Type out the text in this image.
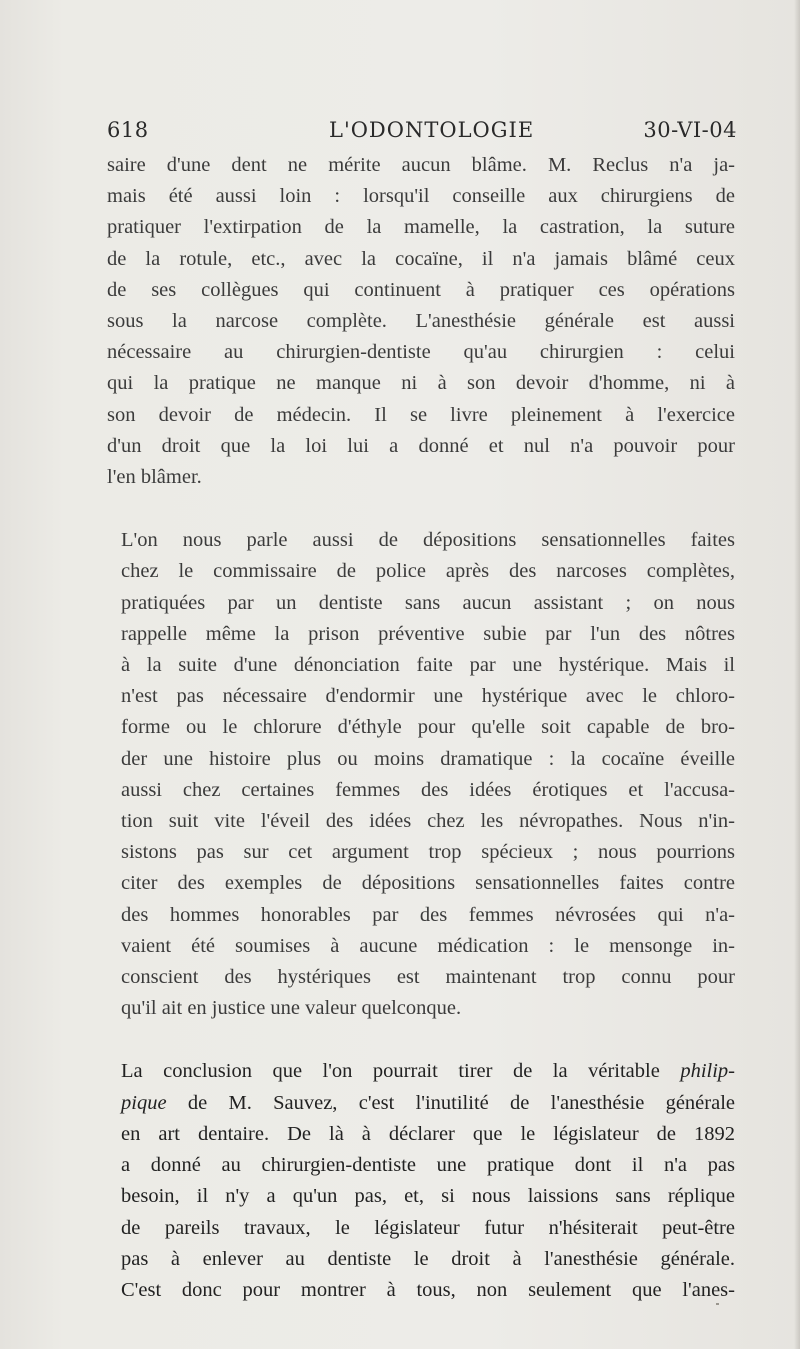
618	L'ODONTOLOGIE	30-VI-04
saire d'une dent ne mérite aucun blâme. M. Reclus n'a ja-
mais été aussi loin : lorsqu'il conseille aux chirurgiens de
pratiquer l'extirpation de la mamelle, la castration, la suture
de la rotule, etc., avec la cocaïne, il n'a jamais blâmé ceux
de ses collègues qui continuent à pratiquer ces opérations
sous la narcose complète. L'anesthésie générale est aussi
nécessaire au chirurgien-dentiste qu'au chirurgien : celui
qui la pratique ne manque ni à son devoir d'homme, ni à
son devoir de médecin. Il se livre pleinement à l'exercice
d'un droit que la loi lui a donné et nul n'a pouvoir pour
l'en blâmer.
L'on nous parle aussi de dépositions sensationnelles faites
chez le commissaire de police après des narcoses complètes,
pratiquées par un dentiste sans aucun assistant ; on nous
rappelle même la prison préventive subie par l'un des nôtres
à la suite d'une dénonciation faite par une hystérique. Mais il
n'est pas nécessaire d'endormir une hystérique avec le chloro-
forme ou le chlorure d'éthyle pour qu'elle soit capable de bro-
der une histoire plus ou moins dramatique : la cocaïne éveille
aussi chez certaines femmes des idées érotiques et l'accusa-
tion suit vite l'éveil des idées chez les névropathes. Nous n'in-
sistons pas sur cet argument trop spécieux ; nous pourrions
citer des exemples de dépositions sensationnelles faites contre
des hommes honorables par des femmes névrosées qui n'a-
vaient été soumises à aucune médication : le mensonge in-
conscient des hystériques est maintenant trop connu pour
qu'il ait en justice une valeur quelconque.
La conclusion que l'on pourrait tirer de la véritable philip-
pique de M. Sauvez, c'est l'inutilité de l'anesthésie générale
en art dentaire. De là à déclarer que le législateur de 1892
a donné au chirurgien-dentiste une pratique dont il n'a pas
besoin, il n'y a qu'un pas, et, si nous laissions sans réplique
de pareils travaux, le législateur futur n'hésiterait peut-être
pas à enlever au dentiste le droit à l'anesthésie générale.
C'est donc pour montrer à tous, non seulement que l'anes-
